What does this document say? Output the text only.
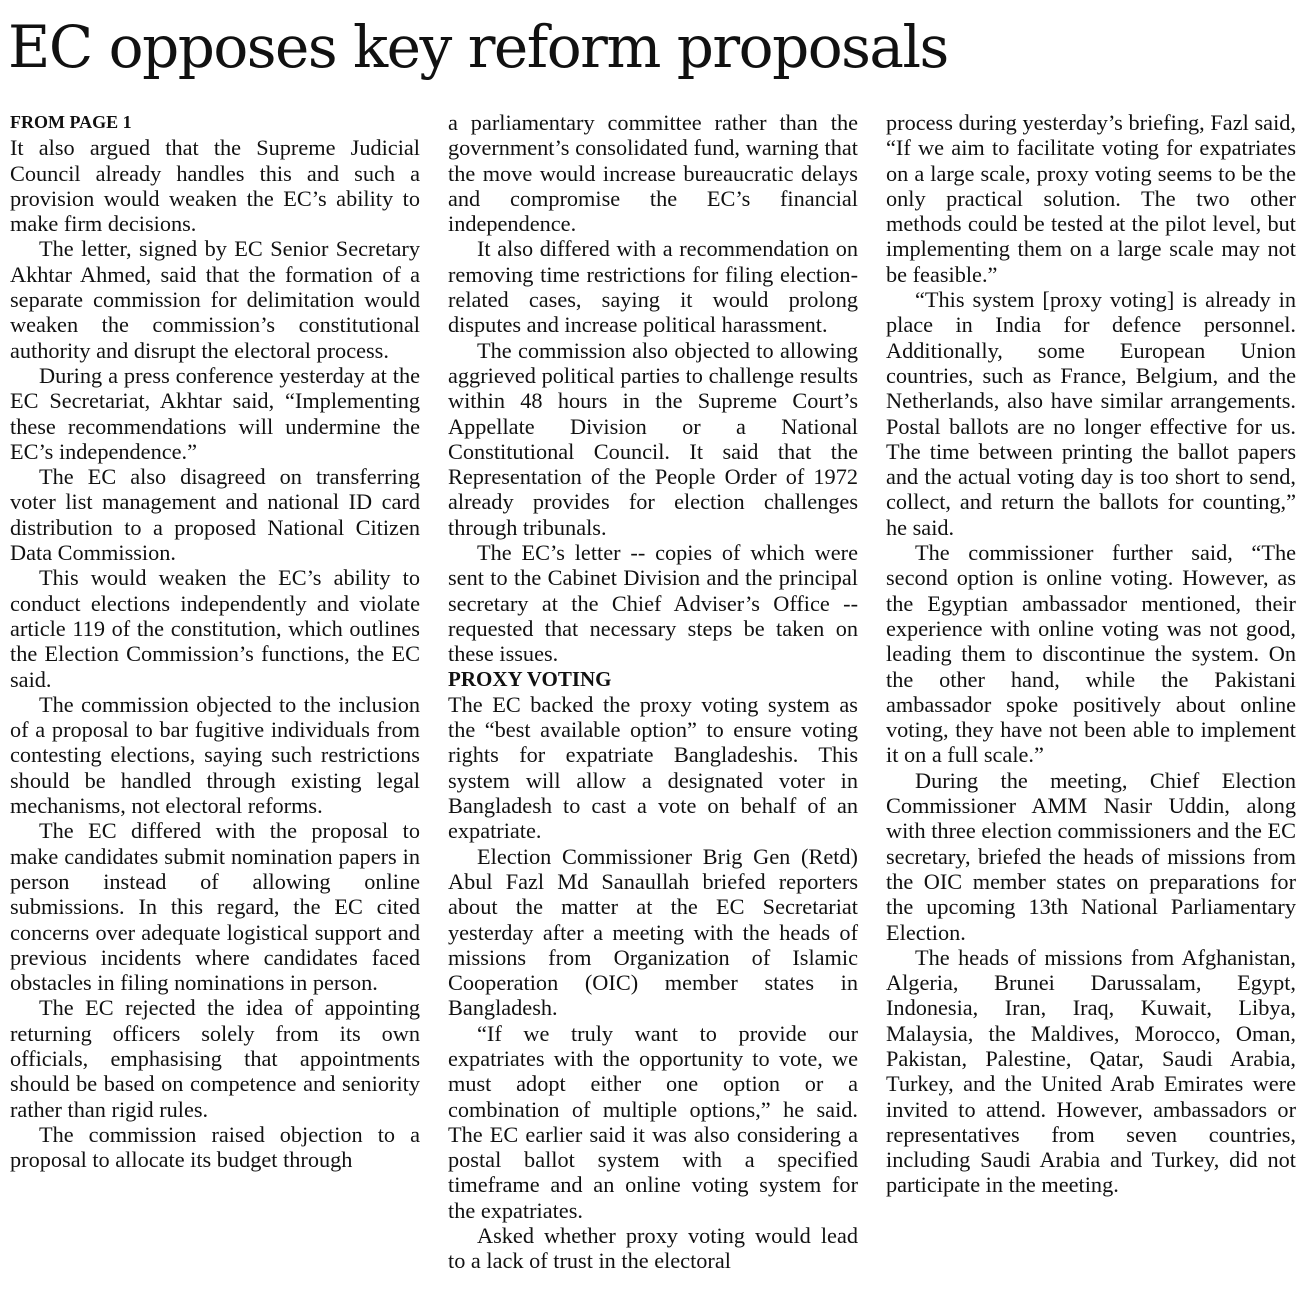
EC opposes key reform proposals
FROM PAGE 1

It also argued that the Supreme Judicial Council already handles this and such a provision would weaken the EC’s ability to make firm decisions.

The letter, signed by EC Senior Secretary Akhtar Ahmed, said that the formation of a separate commission for delimitation would weaken the commission’s constitutional authority and disrupt the electoral process.

During a press conference yesterday at the EC Secretariat, Akhtar said, “Implementing these recommendations will undermine the EC’s independence.”

The EC also disagreed on transferring voter list management and national ID card distribution to a proposed National Citizen Data Commission.

This would weaken the EC’s ability to conduct elections independently and violate article 119 of the constitution, which outlines the Election Commission’s functions, the EC said.

The commission objected to the inclusion of a proposal to bar fugitive individuals from contesting elections, saying such restrictions should be handled through existing legal mechanisms, not electoral reforms.

The EC differed with the proposal to make candidates submit nomination papers in person instead of allowing online submissions. In this regard, the EC cited concerns over adequate logistical support and previous incidents where candidates faced obstacles in filing nominations in person.

The EC rejected the idea of appointing returning officers solely from its own officials, emphasising that appointments should be based on competence and seniority rather than rigid rules.

The commission raised objection to a proposal to allocate its budget through

a parliamentary committee rather than the government’s consolidated fund, warning that the move would increase bureaucratic delays and compromise the EC’s financial independence.

It also differed with a recommendation on removing time restrictions for filing election-related cases, saying it would prolong disputes and increase political harassment.

The commission also objected to allowing aggrieved political parties to challenge results within 48 hours in the Supreme Court’s Appellate Division or a National Constitutional Council. It said that the Representation of the People Order of 1972 already provides for election challenges through tribunals.

The EC’s letter -- copies of which were sent to the Cabinet Division and the principal secretary at the Chief Adviser’s Office -- requested that necessary steps be taken on these issues.

PROXY VOTING

The EC backed the proxy voting system as the “best available option” to ensure voting rights for expatriate Bangladeshis. This system will allow a designated voter in Bangladesh to cast a vote on behalf of an expatriate.

Election Commissioner Brig Gen (Retd) Abul Fazl Md Sanaullah briefed reporters about the matter at the EC Secretariat yesterday after a meeting with the heads of missions from Organization of Islamic Cooperation (OIC) member states in Bangladesh.

“If we truly want to provide our expatriates with the opportunity to vote, we must adopt either one option or a combination of multiple options,” he said. The EC earlier said it was also considering a postal ballot system with a specified timeframe and an online voting system for the expatriates.

Asked whether proxy voting would lead to a lack of trust in the electoral

process during yesterday’s briefing, Fazl said, “If we aim to facilitate voting for expatriates on a large scale, proxy voting seems to be the only practical solution. The two other methods could be tested at the pilot level, but implementing them on a large scale may not be feasible.”

“This system [proxy voting] is already in place in India for defence personnel. Additionally, some European Union countries, such as France, Belgium, and the Netherlands, also have similar arrangements. Postal ballots are no longer effective for us. The time between printing the ballot papers and the actual voting day is too short to send, collect, and return the ballots for counting,” he said.

The commissioner further said, “The second option is online voting. However, as the Egyptian ambassador mentioned, their experience with online voting was not good, leading them to discontinue the system. On the other hand, while the Pakistani ambassador spoke positively about online voting, they have not been able to implement it on a full scale.”

During the meeting, Chief Election Commissioner AMM Nasir Uddin, along with three election commissioners and the EC secretary, briefed the heads of missions from the OIC member states on preparations for the upcoming 13th National Parliamentary Election.

The heads of missions from Afghanistan, Algeria, Brunei Darussalam, Egypt, Indonesia, Iran, Iraq, Kuwait, Libya, Malaysia, the Maldives, Morocco, Oman, Pakistan, Palestine, Qatar, Saudi Arabia, Turkey, and the United Arab Emirates were invited to attend. However, ambassadors or representatives from seven countries, including Saudi Arabia and Turkey, did not participate in the meeting.
